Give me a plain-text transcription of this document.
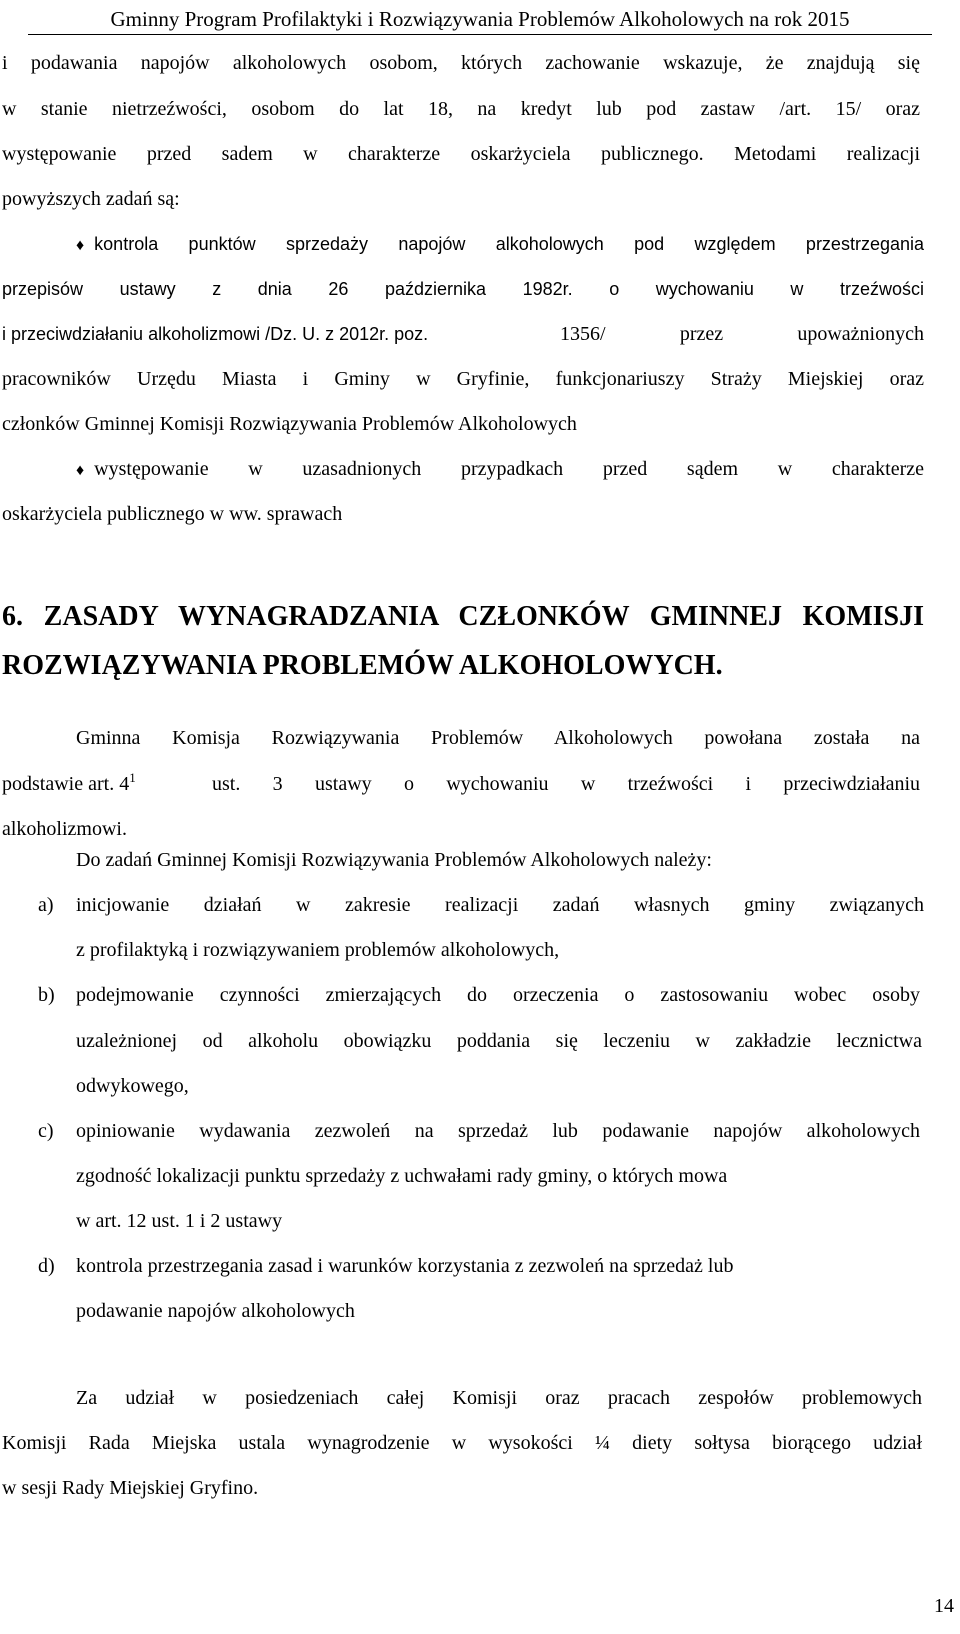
Gminny Program Profilaktyki i Rozwiązywania Problemów Alkoholowych na rok 2015
i podawania napojów alkoholowych osobom, których zachowanie wskazuje, że znajdują się
w stanie nietrzeźwości, osobom do lat 18, na kredyt lub pod zastaw /art. 15/ oraz
występowanie przed sadem w charakterze oskarżyciela publicznego. Metodami realizacji
powyższych zadań są:
♦ kontrola punktów sprzedaży napojów alkoholowych pod względem przestrzegania
przepisów ustawy z dnia 26 października 1982r. o wychowaniu w trzeźwości
i przeciwdziałaniu alkoholizmowi /Dz. U. z 2012r. poz.	1356/ przez upoważnionych
pracowników Urzędu Miasta i Gminy w Gryfinie, funkcjonariuszy Straży Miejskiej oraz
członków Gminnej Komisji Rozwiązywania Problemów Alkoholowych
♦ występowanie w uzasadnionych przypadkach przed sądem w charakterze
oskarżyciela publicznego w ww. sprawach
6. ZASADY WYNAGRADZANIA CZŁONKÓW GMINNEJ KOMISJI
ROZWIĄZYWANIA PROBLEMÓW ALKOHOLOWYCH.
Gminna Komisja Rozwiązywania Problemów Alkoholowych powołana została na
podstawie art. $4^1$	ust. 3 ustawy o wychowaniu w trzeźwości i przeciwdziałaniu
alkoholizmowi.
Do zadań Gminnej Komisji Rozwiązywania Problemów Alkoholowych należy:
a) inicjowanie działań w zakresie realizacji zadań własnych gminy związanych
z profilaktyką i rozwiązywaniem problemów alkoholowych,
b) podejmowanie czynności zmierzających do orzeczenia o zastosowaniu wobec osoby
uzależnionej od alkoholu obowiązku poddania się leczeniu w zakładzie lecznictwa
odwykowego,
c) opiniowanie wydawania zezwoleń na sprzedaż lub podawanie napojów alkoholowych
zgodność lokalizacji punktu sprzedaży z uchwałami rady gminy, o których mowa
w art. 12 ust. 1 i 2 ustawy
d) kontrola przestrzegania zasad i warunków korzystania z zezwoleń na sprzedaż lub
podawanie napojów alkoholowych
Za udział w posiedzeniach całej Komisji oraz pracach zespołów problemowych
Komisji Rada Miejska ustala wynagrodzenie w wysokości ¼ diety sołtysa biorącego udział
w sesji Rady Miejskiej Gryfino.
14
